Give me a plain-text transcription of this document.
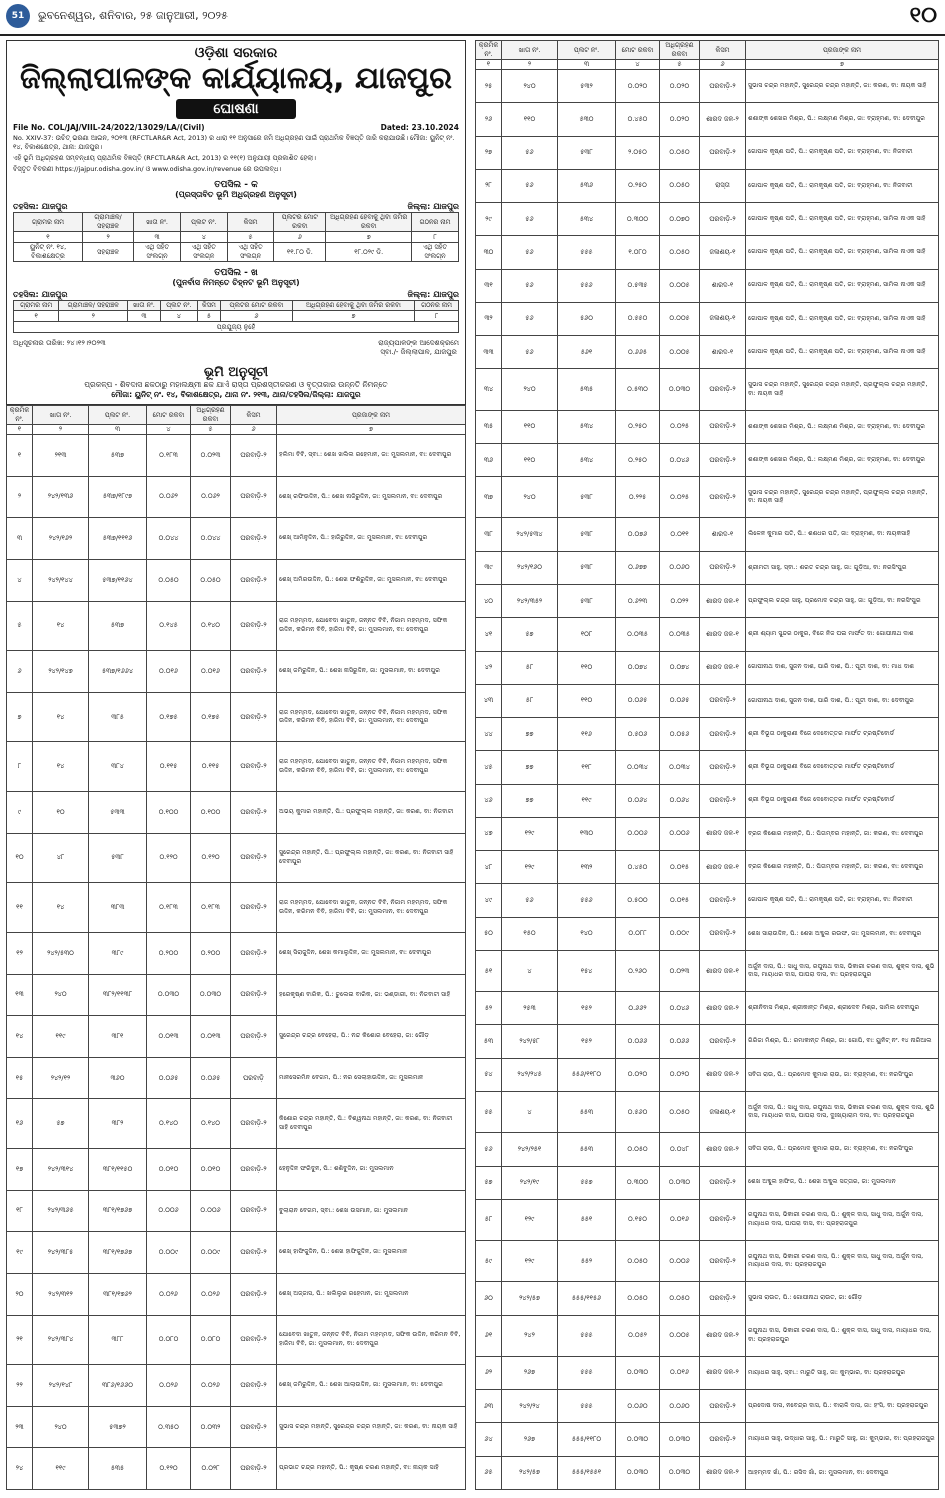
51	ଭୁବନେଶ୍ୱର, ଶନିବାର, ୨୫ ଜାନୁଆରୀ, ୨୦୨୫	୧୦
ଓଡ଼ିଶା ସରକାର
ଜିଲ୍ଲାପାଳଙ୍କ କାର୍ଯ୍ୟାଳୟ, ଯାଜପୁର
ଘୋଷଣା
File No. COL/JAJ/VIIL-24/2022/13029/LA/(Civil)	Dated: 23.10.2024
No. XXIV-37: ଉଚିତ୍ ଭରଣା ଆଇନ, ୨୦୧୩ (RFCTLAR&R Act, 2013) ର ଧାରା ୧୧ ଅନୁସାରେ ଜମି ଅଧିଗ୍ରହଣ ପାଇଁ ପ୍ରାଥମିକ ବିଜ୍ଞପ୍ତି ଜାରି କରାଯାଉଛି। ମୌଜା: ୟୁନିଟ୍ ନଂ. ୧୪, ବିକାଶକ୍ଷେତ୍ର, ଥାନା: ଯାଜପୁର।
ଏହି ଭୂମି ଅଧିଗ୍ରହଣ ସମ୍ବନ୍ଧୀୟ ପ୍ରାଥମିକ ବିଜ୍ଞପ୍ତି (RFCTLAR&R Act, 2013) ର ୧୧(୧) ଅନୁଯାୟୀ ପ୍ରକାଶିତ ହେଲା।
ବିସ୍ତୃତ ବିବରଣୀ https://jajpur.odisha.gov.in/ ଓ www.odisha.gov.in/revenue ରେ ଉପଲବ୍ଧ।
ତପସିଲ - କ
(ପ୍ରସ୍ତାବିତ ଭୂମି ଅଧିଗ୍ରହଣ ଅନୁସୂଚୀ)
ତହସିଲ: ଯାଜପୁର	ଜିଲ୍ଲା: ଯାଜପୁର
ଗ୍ରାମର ନାମ	ଗ୍ରାମାଞ୍ଚଳ/ ସହରାଞ୍ଚଳ	ଖାତା ନଂ.	ପ୍ଲଟ ନଂ.	କିସମ	ପ୍ଲଟର ମୋଟ ରକବା	ଅଧିଗ୍ରହଣ ହେବାକୁ ଥିବା ଜମିର ରକବା	ଗଠନର ନାମ
୧	୨	୩	୪	୫	୬	୭	୮
ୟୁନିଟ୍ ନଂ. ୧୪, ବିକାଶକ୍ଷେତ୍ର	ସହରାଞ୍ଚଳ	ଏଥି ସହିତ ସଂଲଗ୍ନ	ଏଥି ସହିତ ସଂଲଗ୍ନ	ଏଥି ସହିତ ସଂଲଗ୍ନ	୧୧.୮୦ ଡି.	୧୮.୦୨୯ ଡି.	ଏଥି ସହିତ ସଂଲଗ୍ନ
ତପସିଲ - ଖ
(ପୁନର୍ବାସ ନିମନ୍ତେ ଚିହ୍ନଟ ଭୂମି ଅନୁସୂଚୀ)
ତହସିଲ: ଯାଜପୁର	ଜିଲ୍ଲା: ଯାଜପୁର
ଗ୍ରାମର ନାମ	ଗ୍ରାମାଞ୍ଚଳ/ ସହରାଞ୍ଚଳ	ଖାତା ନଂ.	ପ୍ଲଟ ନଂ.	କିସମ	ପ୍ଲଟର ମୋଟ ରକବା	ଅଧିଗ୍ରହଣ ହେବାକୁ ଥିବା ଜମିର ରକବା	ଗଠନର ନାମ
୧	୨	୩	୪	୫	୬	୭	୮
ପ୍ରଯୁଜ୍ୟ ନୁହେଁ							
ଅଧିସୂଚନାର ତାରିଖ: ୨୪।୧୨।୨୦୨୩	ରାଜ୍ୟପାଳଙ୍କ ଆଦେଶକ୍ରମେ
ସ୍ବା./- ଜିଲ୍ଲାପାଳ, ଯାଜପୁର
ଭୂମି ଅନୁସୂଚୀ
ପ୍ରକଳ୍ପ - ଶିବଦାସ ଛକଠାରୁ ମହାଲକ୍ଷ୍ମୀ ଛକ ଯାଏଁ ରାସ୍ତା ପ୍ରଶସ୍ତୀକରଣ ଓ ବୃତ୍ତାକାର ଉନ୍ନତି ନିମନ୍ତେ
ମୌଜା: ୟୁନିଟ୍ ନଂ. ୧୪, ବିକାଶକ୍ଷେତ୍ର, ଥାନା ନଂ. ୨୧୩, ଥାନା/ତହସିଲ/ଜିଲ୍ଲା: ଯାଜପୁର
କ୍ରମିକ ନଂ.	ଖାତା ନଂ.	ପ୍ଲଟ ନଂ.	ମୋଟ ରକବା	ଅଧିଗ୍ରହଣ ରକବା	କିସମ	ପ୍ରଜାଙ୍କ ନାମ
୧	୨	୩	୪	୫	୬	୭
୧	୨୧୩	୫୩୭	୦.୧୮୩	୦.୦୨୩	ଘରବାଡ଼ି-୨	ହଲିମା ବିବି, ସ୍ବା.: ଶେଖ ଖଲିଲ ରହେମାନ, ଜା: ମୁସଲମାନ, ବା: ଦେବୀପୁର
୨	୨୪୨/୧୩୬	୫୩୭/୧୮୯୭	୦.୦୬୨	୦.୦୬୨	ଘରବାଡ଼ି-୨	ଶେଖ୍ ରଫିଉଦ୍ଦିନ, ପି.: ଶେଖ ନାଜିରୁଦ୍ଦିନ, ଜା: ମୁସଲମାନ, ବା: ଦେବୀପୁର
୩	୨୪୨/୧୬୨	୫୩୭/୧୧୧୬	୦.୦୪୪	୦.୦୪୪	ଘରବାଡ଼ି-୨	ଶେଖ୍ ଆମିନୁଦ୍ଦିନ, ପି.: ହାଜିରୁଦ୍ଦିନ, ଜା: ମୁସଲମାନ, ବା: ଦେବୀପୁର
୪	୨୪୨/୧୪୪	୫୩୭/୧୧୬୪	୦.୦୫୦	୦.୦୫୦	ଘରବାଡ଼ି-୨	ଶେଖ୍ ଅମିରଉଦ୍ଦିନ, ପି.: ଶେଖ ଫଶିରୁଦ୍ଦିନ, ଜା: ମୁସଲମାନ, ବା: ଦେବୀପୁର
୫	୧୪	୫୩୭	୦.୧୪୫	୦.୧୪୦	ଘରବାଡ଼ି-୨	ରାଜ ମହମ୍ମଦ, ଯୋବେଦା ଖାତୁନ, ଜନ୍ନତ ବିବି, ନିଜାମ ମହମ୍ମଦ, ସଫିକ ଉଦ୍ଦିନ, କରିମନ ବିବି, ହାଜିମା ବିବି, ଜା: ମୁସଲମାନ, ବା: ଦେବୀପୁର
୬	୨୪୨/୧୪୭	୫୩୭/୧୬୬୪	୦.୦୧୬	୦.୦୧୬	ଘରବାଡ଼ି-୨	ଶେଖ୍ ଜମିରୁଦ୍ଦିନ, ପି.: ଶେଖ ନାସିରୁଦ୍ଦିନ, ଜା: ମୁସଲମାନ, ବା: ଦେବୀପୁର
୭	୧୪	୩୮୫	୦.୧୭୫	୦.୧୭୫	ଘରବାଡ଼ି-୨	ରାଜ ମହମ୍ମଦ, ଯୋବେଦା ଖାତୁନ, ଜନ୍ନତ ବିବି, ନିଜାମ ମହମ୍ମଦ, ସଫିକ ଉଦ୍ଦିନ, କରିମନ ବିବି, ହାଜିମା ବିବି, ଜା: ମୁସଲମାନ, ବା: ଦେବୀପୁର
୮	୧୪	୩୮୪	୦.୧୧୫	୦.୧୧୫	ଘରବାଡ଼ି-୨	ରାଜ ମହମ୍ମଦ, ଯୋବେଦା ଖାତୁନ, ଜନ୍ନତ ବିବି, ନିଜାମ ମହମ୍ମଦ, ସଫିକ ଉଦ୍ଦିନ, କରିମନ ବିବି, ହାଜିମା ବିବି, ଜା: ମୁସଲମାନ, ବା: ଦେବୀପୁର
୯	୧୦	୫୩୩	୦.୧୦୦	୦.୧୦୦	ଘରବାଡ଼ି-୨	ଅଭୟ କୁମାର ମହାନ୍ତି, ପି.: ପ୍ରଫୁଲ୍ଲ ମହାନ୍ତି, ଜା: କରଣ, ବା: ନିଜବାଟୀ
୧୦	୪୮	୫୩୮	୦.୧୨୦	୦.୧୨୦	ଘରବାଡ଼ି-୨	ସୁରେନ୍ଦ୍ର ମହାନ୍ତି, ପି.: ପ୍ରଫୁଲ୍ଲ ମହାନ୍ତି, ଜା: କରଣ, ବା: ନିଜବାଟୀ ସାହି ଦେବୀପୁର
୧୧	୧୪	୩୮୩	୦.୧୮୩	୦.୧୮୩	ଘରବାଡ଼ି-୨	ରାଜ ମହମ୍ମଦ, ଯୋବେଦା ଖାତୁନ, ଜନ୍ନତ ବିବି, ନିଜାମ ମହମ୍ମଦ, ସଫିକ ଉଦ୍ଦିନ, କରିମନ ବିବି, ହାଜିମା ବିବି, ଜା: ମୁସଲମାନ, ବା: ଦେବୀପୁର
୧୨	୨୪୨/୫୩୦	୩୮୯	୦.୨୦୦	୦.୨୦୦	ଘରବାଡ଼ି-୨	ଶେଖ୍ ସିରାଜୁଦ୍ଦିନ, ଶେଖ କମାଲୁଦ୍ଦିନ, ଜା: ମୁସଲମାନ, ବା: ଦେବୀପୁର
୧୩	୨୪୦	୩୮୨/୧୧୩୮	୦.୦୩୦	୦.୦୩୦	ଘରବାଡ଼ି-୨	ହରେକୃଷ୍ଣ ବାରିକ, ପି.: ଚୁଲେଇ ବାରିକ, ଜା: ଭଣ୍ଡାରୀ, ବା: ନିଜବାଟୀ ସାହି
୧୪	୧୧୯	୩୮୧	୦.୦୧୩	୦.୦୧୩	ଘରବାଡ଼ି-୨	ସୁରେନ୍ଦ୍ର ଚନ୍ଦ୍ର ବେହେରା, ପି.: ନନ୍ଦ କିଶୋର ବେହେରା, ଜା: ଗୌଡ଼
୧୫	୨୪୨/୧୨	୩୬୦	୦.୦୬୫	୦.୦୬୫	ଘରବାଡ଼ି	ମାନସେରମିନ ବେଗମ, ପି.: ନର ସେଲାହାଉଦ୍ଦିନ, ଜା: ମୁସଲମାନ
୧୬	୫୭	୩୮୨	୦.୧୪୦	୦.୧୪୦	ଘରବାଡ଼ି-୨	କିଶୋର ଚନ୍ଦ୍ର ମହାନ୍ତି, ପି.: ବିଶ୍ୱନାଥ ମହାନ୍ତି, ଜା: କରଣ, ବା: ନିଜବାଟୀ ସାହି ଦେବୀପୁର
୧୭	୨୪୨/୩୧୪	୩୮୧/୧୧୫୦	୦.୦୧୦	୦.୦୧୦	ଘରବାଡ଼ି-୨	ହେନୁଦ୍ଦିନ ଫରିଦୁନ, ପି.: ଶଶିବୁଦ୍ଦିନ, ଜା: ମୁସଲମାନ
୧୮	୨୪୨/୩୬୫	୩୮୧/୧୭୬୭	୦.୦୦୬	୦.୦୦୬	ଘରବାଡ଼ି-୨	ବୁଲାରାନ ବେଗମ, ସ୍ବା.: ଶେଖ ଉସମାନ, ଜା: ମୁସଲମାନ
୧୯	୨୪୨/୩୮୫	୩୮୧/୧୭୬୭	୦.୦୦୯	୦.୦୦୯	ଘରବାଡ଼ି-୨	ଶେଖ୍ ହାଫିଜୁଦ୍ଦିନ, ପି.: ଶେଖ ହାଫିଜୁଦ୍ଦିନ, ଜା: ମୁସଲମାନ
୨୦	୨୪୨/୩୧୨	୩୮୧/୧୭୬୨	୦.୦୨୬	୦.୦୨୬	ଘରବାଡ଼ି-୨	ଶେଖ୍ ଅଜ୍ଜାସ, ପି.: ଖଲିଲୁର ରହେମାନ, ଜା: ମୁସଲମାନ
୨୧	୨୪୨/୩୮୪	୩୮୮	୦.୦୮୦	୦.୦୮୦	ଘରବାଡ଼ି-୨	ଯୋବେଦା ଖାତୁନ, ଜନ୍ନତ ବିବି, ନିଜାମ ମହମ୍ମଦ, ସଫିକ ଉଦ୍ଦିନ, କରିମନ ବିବି, ହାଜିମା ବିବି, ଜା: ମୁସଲମାନ, ବା: ଦେବୀପୁର
୨୨	୨୪୨/୧୪୮	୩୮୬/୧୬୬୦	୦.୦୨୬	୦.୦୨୬	ଘରବାଡ଼ି-୨	ଶେଖ୍ ଜମିରୁଦ୍ଦିନ, ପି.: ଶେଖ ଆଲାଉଦ୍ଦିନ, ଜା: ମୁସଲମାନ, ବା: ଦେବୀପୁର
୨୩	୨୪୦	୫୩୭୨	୦.୩୫୦	୦.୦୩୨	ଘରବାଡ଼ି-୨	ସୁଭାସ ଚନ୍ଦ୍ର ମହାନ୍ତି, ସୁରେନ୍ଦ୍ର ଚନ୍ଦ୍ର ମହାନ୍ତି, ଜା: କରଣ, ବା: ନାୟକ ସାହି
୨୪	୧୧୯	୫୩୫	୦.୧୨୦	୦.୦୨୮	ଘରବାଡ଼ି-୨	ପ୍ରଭାତ ଚନ୍ଦ୍ର ମହାନ୍ତି, ପି.: କୃଷ୍ଣ ଚରଣ ମହାନ୍ତି, ବା: ନାୟକ ସାହି
କ୍ରମିକ ନଂ.	ଖାତା ନଂ.	ପ୍ଲଟ ନଂ.	ମୋଟ ରକବା	ଅଧିଗ୍ରହଣ ରକବା	କିସମ	ପ୍ରଜାଙ୍କ ନାମ
୧	୨	୩	୪	୫	୬	୭
୨୫	୨୪୦	୫୩୨	୦.୦୨୦	୦.୦୨୦	ଘରବାଡ଼ି-୨	ସୁଭାସ ଚନ୍ଦ୍ର ମହାନ୍ତି, ସୁରେନ୍ଦ୍ର ଚନ୍ଦ୍ର ମହାନ୍ତି, ଜା: କରଣ, ବା: ନାୟକ ସାହି
୨୬	୧୧୦	୫୩୦	୦.୪୫୦	୦.୦୨୦	ଶାରଦ ଜଳ-୨	ଶଶାଙ୍କ ଶେଖର ମିଶ୍ର, ପି.: ଲକ୍ଷ୍ମଣ ମିଶ୍ର, ଜା: ବ୍ରାହ୍ମଣ, ବା: ଦେବୀପୁର
୨୭	୫୬	୫୩୮	୨.୦୫୦	୦.୦୫୦	ଘରବାଡ଼ି-୨	ଗୋପାଳ କୃଷ୍ଣ ପତି, ପି.: ରାମକୃଷ୍ଣ ପତି, ଜା: ବ୍ରାହ୍ମଣ, ବା: ନିଜବାଟୀ
୨୮	୫୬	୫୩୬	୦.୨୫୦	୦.୦୫୦	ରାସ୍ତା	ଗୋପାଳ କୃଷ୍ଣ ପତି, ପି.: ରାମକୃଷ୍ଣ ପତି, ଜା: ବ୍ରାହ୍ମଣ, ବା: ନିଜବାଟୀ
୨୯	୫୬	୫୩୪	୦.୩୦୦	୦.୦୭୦	ଘରବାଡ଼ି-୨	ଗୋପାଳ କୃଷ୍ଣ ପତି, ପି.: ରାମକୃଷ୍ଣ ପତି, ଜା: ବ୍ରାହ୍ମଣ, ସାମିଲ ନାଏକ ସାହି
୩୦	୫୬	୫୫୫	୧.୦୮୦	୦.୦୫୦	ଜଳାଶୟ-୧	ଗୋପାଳ କୃଷ୍ଣ ପତି, ପି.: ରାମକୃଷ୍ଣ ପତି, ଜା: ବ୍ରାହ୍ମଣ, ସାମିଲ ନାଏକ ସାହି
୩୧	୫୬	୫୫୬	୦.୫୩୫	୦.୦୦୫	ଶାରଦ-୧	ଗୋପାଳ କୃଷ୍ଣ ପତି, ପି.: ରାମକୃଷ୍ଣ ପତି, ଜା: ବ୍ରାହ୍ମଣ, ସାମିଲ ନାଏକ ସାହି
୩୨	୫୬	୫୬୦	୦.୫୫୦	୦.୦୦୫	ଜଳାଶୟ-୧	ଗୋପାଳ କୃଷ୍ଣ ପତି, ପି.: ରାମକୃଷ୍ଣ ପତି, ଜା: ବ୍ରାହ୍ମଣ, ସାମିଲ ନାଏକ ସାହି
୩୩	୫୬	୫୬୧	୦.୬୬୫	୦.୦୦୫	ଶାରଦ-୧	ଗୋପାଳ କୃଷ୍ଣ ପତି, ପି.: ରାମକୃଷ୍ଣ ପତି, ଜା: ବ୍ରାହ୍ମଣ, ସାମିଲ ନାଏକ ସାହି
୩୪	୨୪୦	୫୩୫	୦.୫୩୦	୦.୦୩୦	ଘରବାଡ଼ି-୨	ସୁଭାସ ଚନ୍ଦ୍ର ମହାନ୍ତି, ସୁରେନ୍ଦ୍ର ଚନ୍ଦ୍ର ମହାନ୍ତି, ପ୍ରଫୁଲ୍ଲ ଚନ୍ଦ୍ର ମହାନ୍ତି, ବା: ନାୟକ ସାହି
୩୫	୧୧୦	୫୩୪	୦.୨୫୦	୦.୦୨୫	ଘରବାଡ଼ି-୨	ଶଶାଙ୍କ ଶେଖର ମିଶ୍ର, ପି.: ଲକ୍ଷ୍ମଣ ମିଶ୍ର, ଜା: ବ୍ରାହ୍ମଣ, ବା: ଦେବୀପୁର
୩୬	୧୧୦	୫୩୪	୦.୨୫୦	୦.୦୪୬	ଘରବାଡ଼ି-୨	ଶଶାଙ୍କ ଶେଖର ମିଶ୍ର, ପି.: ଲକ୍ଷ୍ମଣ ମିଶ୍ର, ଜା: ବ୍ରାହ୍ମଣ, ବା: ଦେବୀପୁର
୩୭	୨୪୦	୫୩୮	୦.୨୨୫	୦.୦୨୫	ଘରବାଡ଼ି-୨	ସୁଭାସ ଚନ୍ଦ୍ର ମହାନ୍ତି, ସୁରେନ୍ଦ୍ର ଚନ୍ଦ୍ର ମହାନ୍ତି, ପ୍ରଫୁଲ୍ଲ ଚନ୍ଦ୍ର ମହାନ୍ତି, ବା: ନାୟକ ସାହି
୩୮	୨୪୨/୫୩୪	୫୩୮	୦.୦୭୬	୦.୦୧୧	ଶାରଦ-୧	ଲିଳେନ କୁମାର ପତି, ପି.: ଶଶଧର ପତି, ଜା: ବ୍ରାହ୍ମଣ, ବା: ନାୟକସାହି
୩୯	୨୪୨/୧୬୦	୫୩୮	୦.୬୭୭	୦.୦୬୦	ଘରବାଡ଼ି-୨	ଶ୍ରୀମତୀ ସାହୁ, ସ୍ବା.: ଶରତ ଚନ୍ଦ୍ର ସାହୁ, ଜା: ଗୁଡ଼ିଆ, ବା: ନରସିଂପୁର
୪୦	୨୪୨/୩୫୨	୫୩୮	୦.୬୨୩	୦.୦୨୨	ଶାରଦ ଜଳ-୧	ପ୍ରଫୁଲ୍ଲ ଚନ୍ଦ୍ର ସାହୁ, ପ୍ରମୋଦ ଚନ୍ଦ୍ର ସାହୁ, ଜା: ଗୁଡ଼ିଆ, ବା: ନରସିଂପୁର
୪୧	୫୭	୧୦୮	୦.୦୩୫	୦.୦୩୫	ଶାରଦ ଜଳ-୧	ଶ୍ରୀ ଶ୍ୟାମ ସୁନ୍ଦର ଠାକୁର, ବିଜେ ନିଜ ଘଇ ମାର୍ଫତ ଦା: ଗୋପୀନାଥ ଦାଶ
୪୨	୫୮	୧୧୦	୦.୦୭୪	୦.୦୭୪	ଶାରଦ ଜଳ-୧	ଗୋପୀନାଥ ଦାଶ, ସୁଜନ ଦାଶ, ପାରି ଦାଶ, ପି.: ପୂତୀ ଦାଶ, ବା: ମାଧ ଦାଶ
୪୩	୫୮	୧୧୦	୦.୦୬୫	୦.୦୬୫	ଘରବାଡ଼ି-୨	ଗୋପୀନାଥ ଦାଶ, ସୁଜନ ଦାଶ, ପାରି ଦାଶ, ପି.: ପୂତୀ ଦାଶ, ବା: ଦେବୀପୁର
୪୪	୭୭	୧୧୬	୦.୫୦୬	୦.୦୫୬	ଘରବାଡ଼ି-୨	ଶ୍ରୀ ବିଭୂତା ଠାକୁରାଣୀ ବିଜେ ଦେବୋତ୍ତର ମାର୍ଫତ ଟ୍ରଷ୍ଟିବୋର୍ଡ
୪୫	୭୭	୧୧୮	୦.୦୩୪	୦.୦୩୪	ଘରବାଡ଼ି-୨	ଶ୍ରୀ ବିଭୂତା ଠାକୁରାଣୀ ବିଜେ ଦେବୋତ୍ତର ମାର୍ଫତ ଟ୍ରଷ୍ଟିବୋର୍ଡ
୪୬	୭୭	୧୧୯	୦.୦୬୪	୦.୦୬୪	ଘରବାଡ଼ି-୨	ଶ୍ରୀ ବିଭୂତା ଠାକୁରାଣୀ ବିଜେ ଦେବୋତ୍ତର ମାର୍ଫତ ଟ୍ରଷ୍ଟିବୋର୍ଡ
୪୭	୧୨୯	୧୩୦	୦.୦୦୬	୦.୦୦୬	ଶାରଦ ଜଳ-୧	ବ୍ରଜ କିଶୋର ମହାନ୍ତି, ପି.: ପିତାମ୍ବର ମହାନ୍ତି, ଜା: କରଣ, ବା: ଦେବୀପୁର
୪୮	୧୨୯	୧୩୨	୦.୪୫୦	୦.୦୧୫	ଶାରଦ ଜଳ-୧	ବ୍ରଜ କିଶୋର ମହାନ୍ତି, ପି.: ପିତାମ୍ବର ମହାନ୍ତି, ଜା: କରଣ, ବା: ଦେବୀପୁର
୪୯	୫୬	୫୫୬	୦.୫୦୦	୦.୦୧୫	ଘରବାଡ଼ି-୨	ଗୋପାଳ କୃଷ୍ଣ ପତି, ପି.: ରାମକୃଷ୍ଣ ପତି, ଜା: ବ୍ରାହ୍ମଣ, ବା: ନିଜବାଟୀ
୫୦	୧୫୦	୧୪୦	୦.୦୮୮	୦.୦୦୯	ଘରବାଡ଼ି-୨	ଶେଖ ସାରାଉଦ୍ଦିନ, ପି.: ଶେଖ ଅବ୍ଦୁଲ ରଉଫ, ଜା: ମୁସଲମାନ, ବା: ଦେବୀପୁର
୫୧	୪	୧୫୪	୦.୨୬୦	୦.୦୨୩	ଶାରଦ ଜଳ-୧	ଅର୍ଜୁନ ଦାସ, ପି.: ସାଧୁ ଦାସ, ରଘୁନାଥ ଦାସ, ଭିକାରୀ ଚରଣ ଦାସ, ଶୁକ୍ଳ ଦାସ, ଶୁଭି ଦାସ, ମାୟାଧର ଦାସ, ଘାଘରା ଦାସ, ବା: ପ୍ରହରାଜପୁର
୫୨	୨୫୩	୧୫୨	୦.୬୬୨	୦.୦୪୬	ଶାରଦ ଜଳ-୨	ଶ୍ରୀନିବାସ ମିଶ୍ର, ଶ୍ରୀକାନ୍ତ ମିଶ୍ର, ଶ୍ରୀଦେବ ମିଶ୍ର, ସାମିଲ ଦେବୀପୁର
୫୩	୨୪୨/୫୮	୧୫୨	୦.୦୬୬	୦.୦୬୬	ଘରବାଡ଼ି-୨	ଗିରିଜା ମିଶ୍ର, ପି.: ରମାକାନ୍ତ ମିଶ୍ର, ଜା: ଗୋପି, ବା: ୟୁନିଟ୍ ନଂ. ୧୪ ନାରିଆଲ
୫୪	୨୪୨/୨୪୫	୫୫୬/୧୧୮୦	୦.୦୨୦	୦.୦୨୦	ଶାରଦ ଜଳ-୨	ସବିତା ରାଉ, ପି.: ପ୍ରମୋଦ କୁମାର ରାଉ, ଜା: ବ୍ରାହ୍ମଣ, ବା: ନରସିଂପୁର
୫୫	୪	୫୫୩	୦.୫୬୦	୦.୦୫୦	ଜଳାଶୟ-୧	ଅର୍ଜୁନ ଦାସ, ପି.: ସାଧୁ ଦାସ, ରଘୁନାଥ ଦାସ, ଭିକାରୀ ଚରଣ ଦାସ, ଶୁକ୍ଳ ଦାସ, ଶୁଭି ଦାସ, ମାୟାଧର ଦାସ, ଘାଘରା ଦାସ, ଦୁଃଖ୍ୟାରାମ ଦାସ, ବା: ପ୍ରହରାଜପୁର
୫୬	୨୪୨/୨୫୧	୫୫୩	୦.୦୫୦	୦.୦୪୮	ଶାରଦ ଜଳ-୨	ସବିତା ରାଉ, ପି.: ପ୍ରମୋଦ କୁମାର ରାଉ, ଜା: ବ୍ରାହ୍ମଣ, ବା: ନରସିଂପୁର
୫୭	୨୪୨/୧୯	୫୫୭	୦.୩୦୦	୦.୦୩୦	ଘରବାଡ଼ି-୨	ଶେଖ ଅବ୍ଦୁଲ ହାଫିଜ, ପି.: ଶେଖ ଅବ୍ଦୁଲ ସତ୍ତାର, ଜା: ମୁସଲମାନ
୫୮	୧୨୯	୫୫୧	୦.୧୫୦	୦.୦୧୬	ଘରବାଡ଼ି-୨	ରଘୁନାଥ ଦାସ, ଭିକାରୀ ଚରଣ ଦାସ, ପି.: ଶୁକ୍ଳ ଦାସ, ସାଧୁ ଦାସ, ଅର୍ଜୁନ ଦାସ, ମାୟାଧର ଦାସ, ଘାଘରା ଦାସ, ବା: ପ୍ରହରାଜପୁର
୫୯	୧୨୯	୫୫୨	୦.୦୫୦	୦.୦୦୬	ଘରବାଡ଼ି-୨	ରଘୁନାଥ ଦାସ, ଭିକାରୀ ଚରଣ ଦାସ, ପି.: ଶୁକ୍ଳ ଦାସ, ସାଧୁ ଦାସ, ଅର୍ଜୁନ ଦାସ, ମାୟାଧର ଦାସ, ବା: ପ୍ରହରାଜପୁର
୬୦	୨୪୨/୫୭	୫୫୫/୧୧୫୬	୦.୦୫୦	୦.୦୫୦	ଘରବାଡ଼ି-୨	ସୁଭାସ ରାଉତ, ପି.: ଗୋପୀନାଥ ରାଉତ, ଜା: ଗୌଡ଼
୬୧	୨୪୨	୫୫୫	୦.୦୫୨	୦.୦୦୫	ଶାରଦ ଜଳ-୨	ରଘୁନାଥ ଦାସ, ଭିକାରୀ ଚରଣ ଦାସ, ପି.: ଶୁକ୍ଳ ଦାସ, ସାଧୁ ଦାସ, ମାୟାଧର ଦାସ, ବା: ପ୍ରହରାଜପୁର
୬୨	୨୬୭	୫୫୫	୦.୦୩୦	୦.୦୧୬	ଶାରଦ ଜଳ-୨	ମାୟାଧର ସାହୁ, ସ୍ବା.: ମାରୁତି ସାହୁ, ଜା: କୁମ୍ଭାର, ବା: ପ୍ରହରାଜପୁର
୬୩	୨୪୨/୨୪	୫୫୫	୦.୦୬୦	୦.୦୬୦	ଘରବାଡ଼ି-୨	ପ୍ରଦୋଷ ଦାସ, ନବେନ୍ଦ୍ର ଦାସ, ପି.: ବାରାଳି ଦାସ, ଜା: ହଂସି, ବା: ପ୍ରହରାଜପୁର
୬୪	୨୬୭	୫୫୫/୧୧୮୦	୦.୦୩୦	୦.୦୩୦	ଘରବାଡ଼ି-୨	ମାୟାଧର ସାହୁ, ଉଦ୍ଧାର ସାହୁ, ପି.: ମାରୁତି ସାହୁ, ଜା: କୁମ୍ଭାର, ବା: ପ୍ରହରାଜପୁର
୬୫	୨୪୨/୫୭	୫୫୫/୧୫୫୧	୦.୦୩୦	୦.୦୩୦	ଶାରଦ ଜଳ-୨	ଆହମ୍ମଦ ଖାଁ, ପି.: ରସିଦ ଖାଁ, ଜା: ମୁସଲମାନ, ବା: ଦେବୀପୁର
